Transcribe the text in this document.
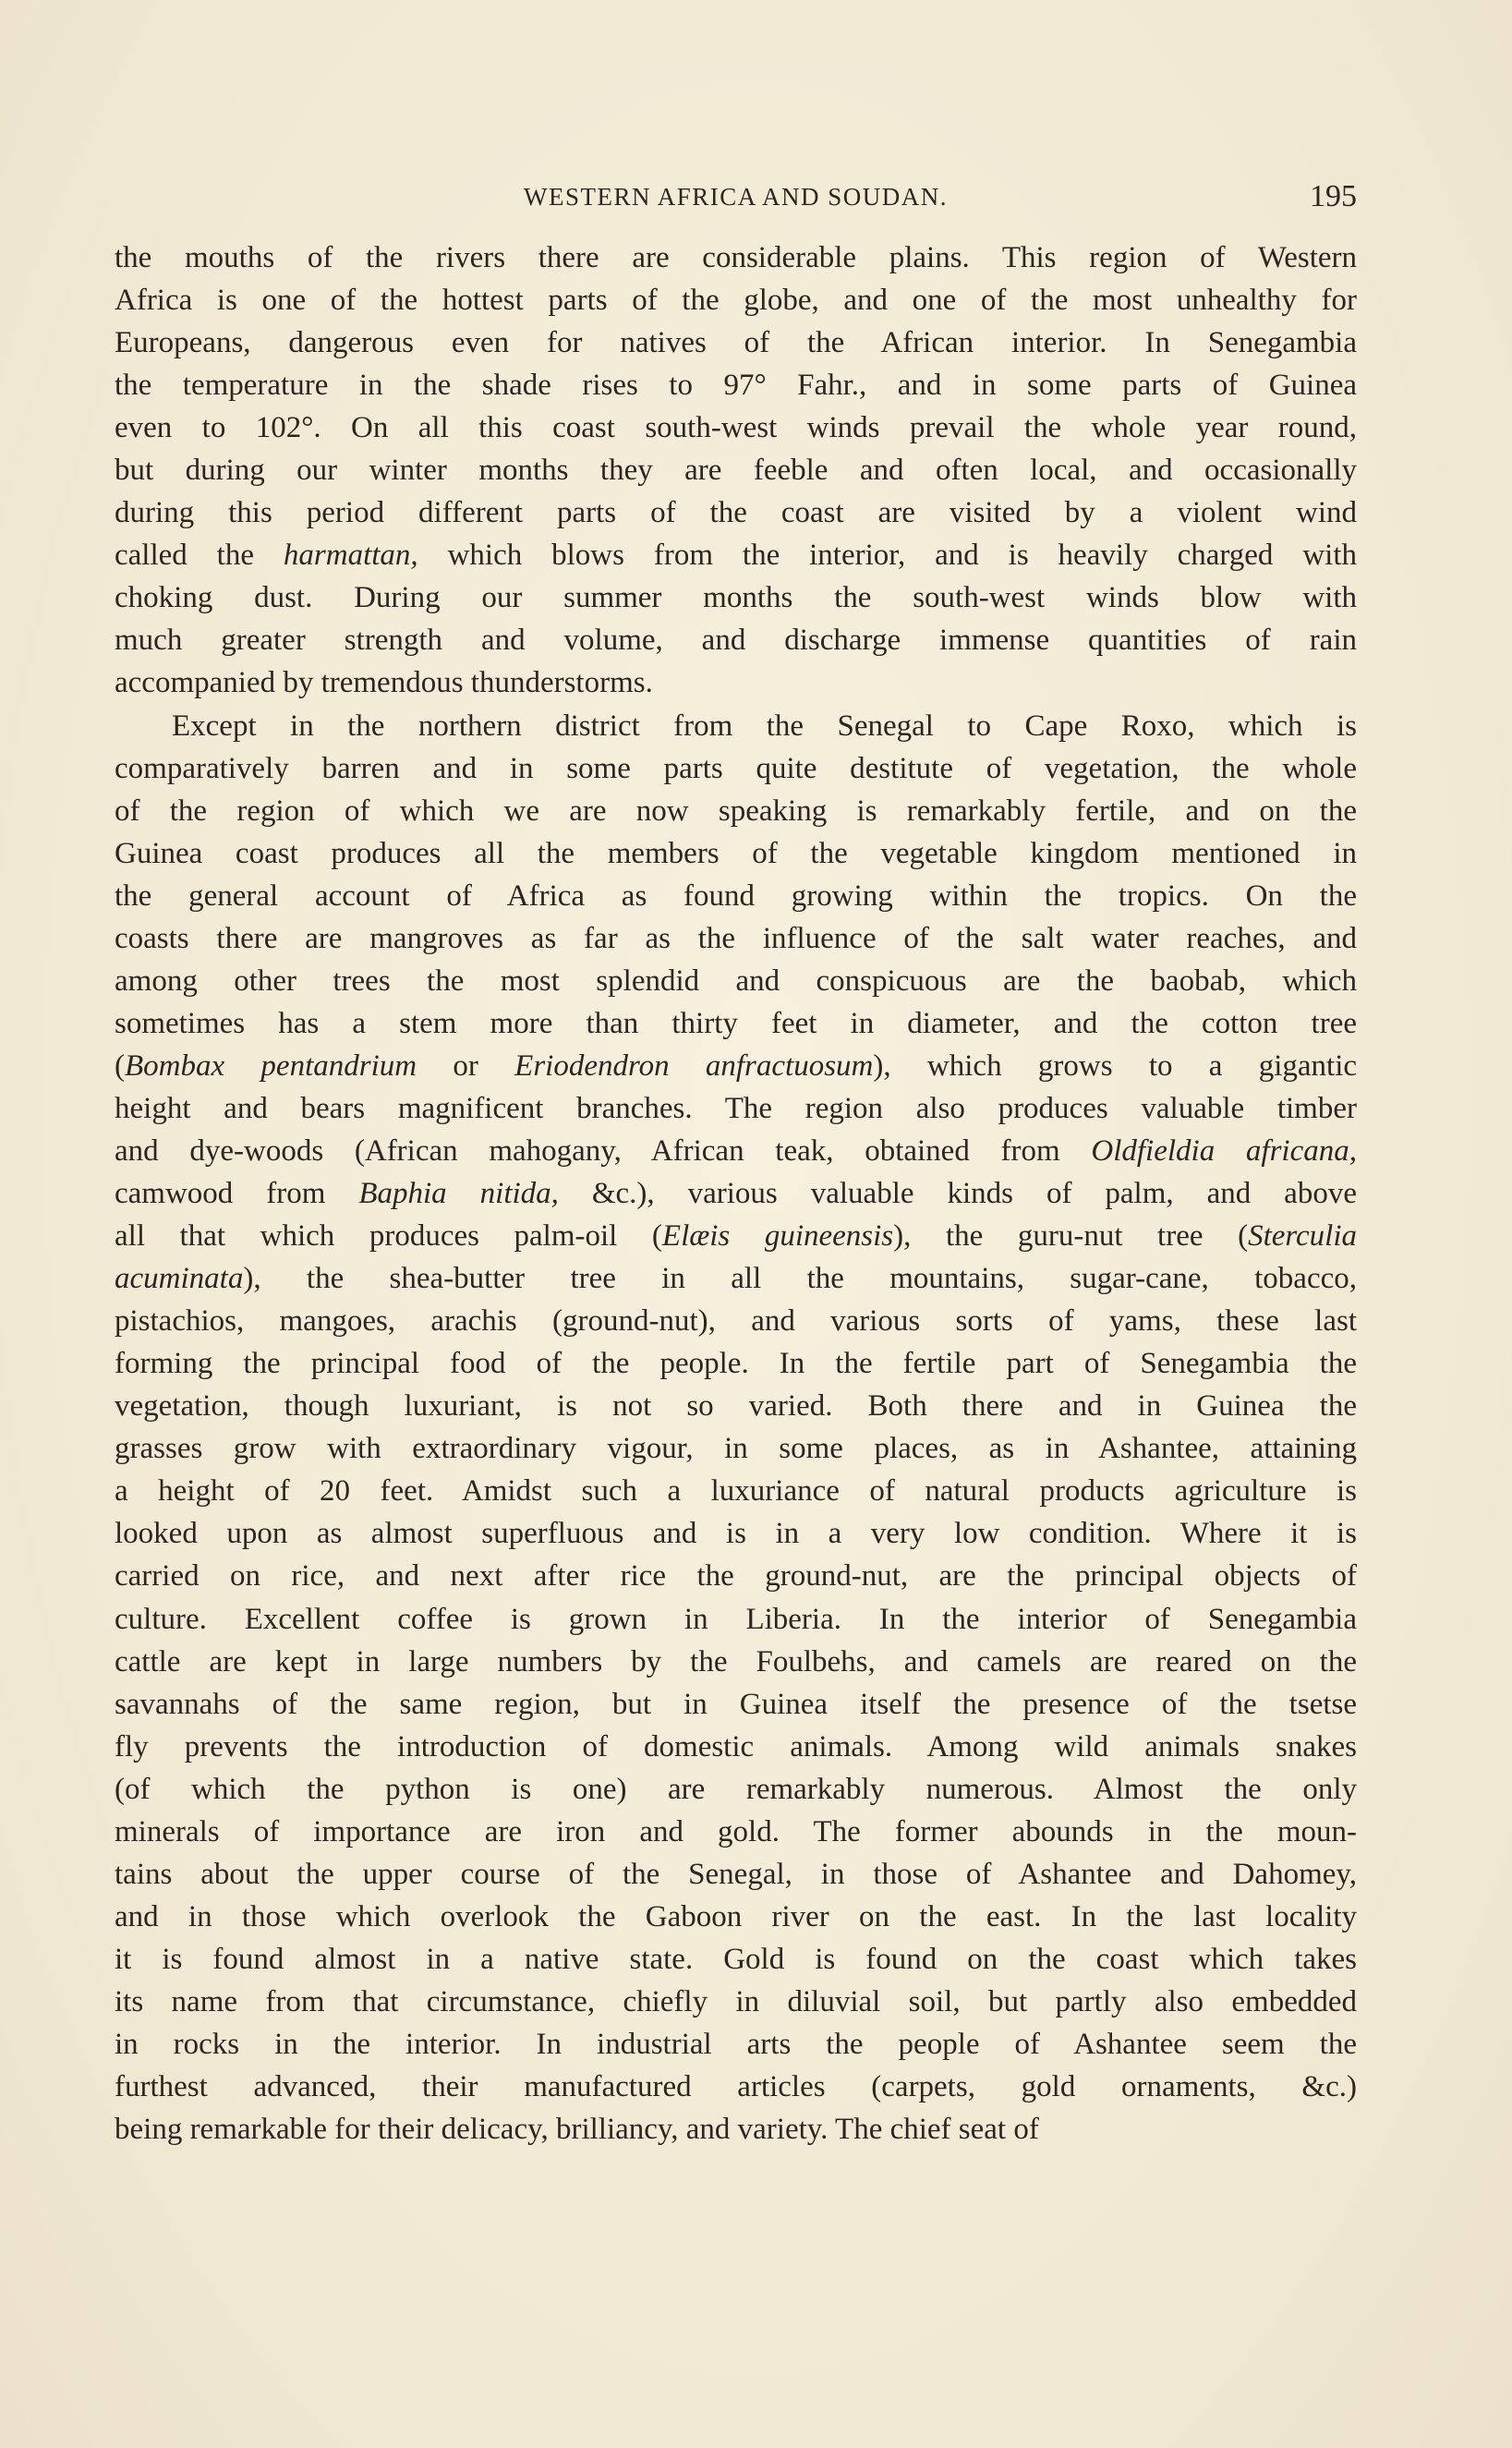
WESTERN AFRICA AND SOUDAN.	195
the mouths of the rivers there are considerable plains. This region of Western
Africa is one of the hottest parts of the globe, and one of the most unhealthy for
Europeans, dangerous even for natives of the African interior. In Senegambia
the temperature in the shade rises to 97° Fahr., and in some parts of Guinea
even to 102°. On all this coast south-west winds prevail the whole year round,
but during our winter months they are feeble and often local, and occasionally
during this period different parts of the coast are visited by a violent wind
called the harmattan, which blows from the interior, and is heavily charged with
choking dust. During our summer months the south-west winds blow with
much greater strength and volume, and discharge immense quantities of rain
accompanied by tremendous thunderstorms.
Except in the northern district from the Senegal to Cape Roxo, which is
comparatively barren and in some parts quite destitute of vegetation, the whole
of the region of which we are now speaking is remarkably fertile, and on the
Guinea coast produces all the members of the vegetable kingdom mentioned in
the general account of Africa as found growing within the tropics. On the
coasts there are mangroves as far as the influence of the salt water reaches, and
among other trees the most splendid and conspicuous are the baobab, which
sometimes has a stem more than thirty feet in diameter, and the cotton tree
(Bombax pentandrium or Eriodendron anfractuosum), which grows to a gigantic
height and bears magnificent branches. The region also produces valuable timber
and dye-woods (African mahogany, African teak, obtained from Oldfieldia africana,
camwood from Baphia nitida, &c.), various valuable kinds of palm, and above
all that which produces palm-oil (Elæis guineensis), the guru-nut tree (Sterculia
acuminata), the shea-butter tree in all the mountains, sugar-cane, tobacco,
pistachios, mangoes, arachis (ground-nut), and various sorts of yams, these last
forming the principal food of the people. In the fertile part of Senegambia the
vegetation, though luxuriant, is not so varied. Both there and in Guinea the
grasses grow with extraordinary vigour, in some places, as in Ashantee, attaining
a height of 20 feet. Amidst such a luxuriance of natural products agriculture is
looked upon as almost superfluous and is in a very low condition. Where it is
carried on rice, and next after rice the ground-nut, are the principal objects of
culture. Excellent coffee is grown in Liberia. In the interior of Senegambia
cattle are kept in large numbers by the Foulbehs, and camels are reared on the
savannahs of the same region, but in Guinea itself the presence of the tsetse
fly prevents the introduction of domestic animals. Among wild animals snakes
(of which the python is one) are remarkably numerous. Almost the only
minerals of importance are iron and gold. The former abounds in the moun-
tains about the upper course of the Senegal, in those of Ashantee and Dahomey,
and in those which overlook the Gaboon river on the east. In the last locality
it is found almost in a native state. Gold is found on the coast which takes
its name from that circumstance, chiefly in diluvial soil, but partly also embedded
in rocks in the interior. In industrial arts the people of Ashantee seem the
furthest advanced, their manufactured articles (carpets, gold ornaments, &c.)
being remarkable for their delicacy, brilliancy, and variety. The chief seat of
